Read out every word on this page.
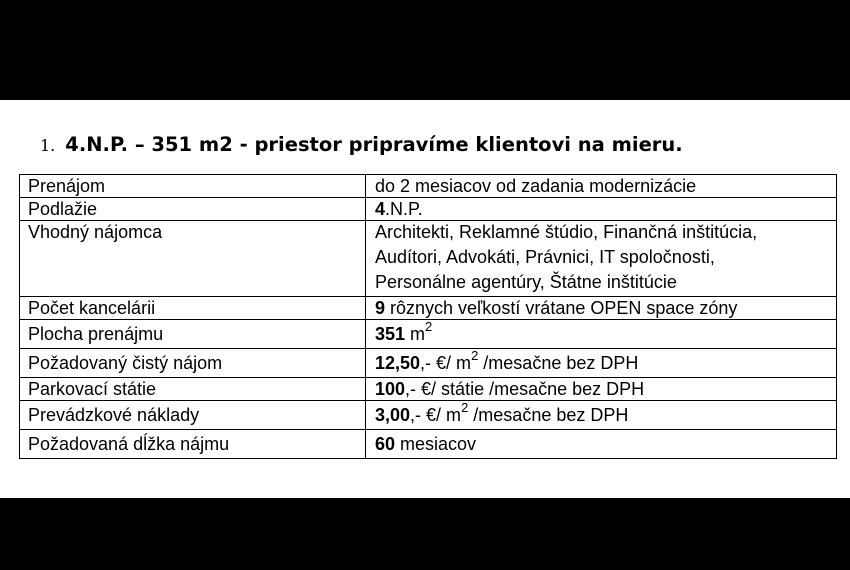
1. 4.N.P. – 351 m2 - priestor pripravíme klientovi na mieru.
Prenájom	do 2 mesiacov od zadania modernizácie
Podlažie	4.N.P.
Vhodný nájomca	Architekti, Reklamné štúdio, Finančná inštitúcia,
Audítori, Advokáti, Právnici, IT spoločnosti,
Personálne agentúry, Štátne inštitúcie

Počet kancelárii	9 rôznych veľkostí vrátane OPEN space zóny
Plocha prenájmu	351 $m^2$
Požadovaný čistý nájom	12,50,- €/ $m^2$ /mesačne bez DPH
Parkovací státie	100,- €/ státie /mesačne bez DPH
Prevádzkové náklady	3,00,- €/ $m^2$ /mesačne bez DPH
Požadovaná dĺžka nájmu	60 mesiacov
